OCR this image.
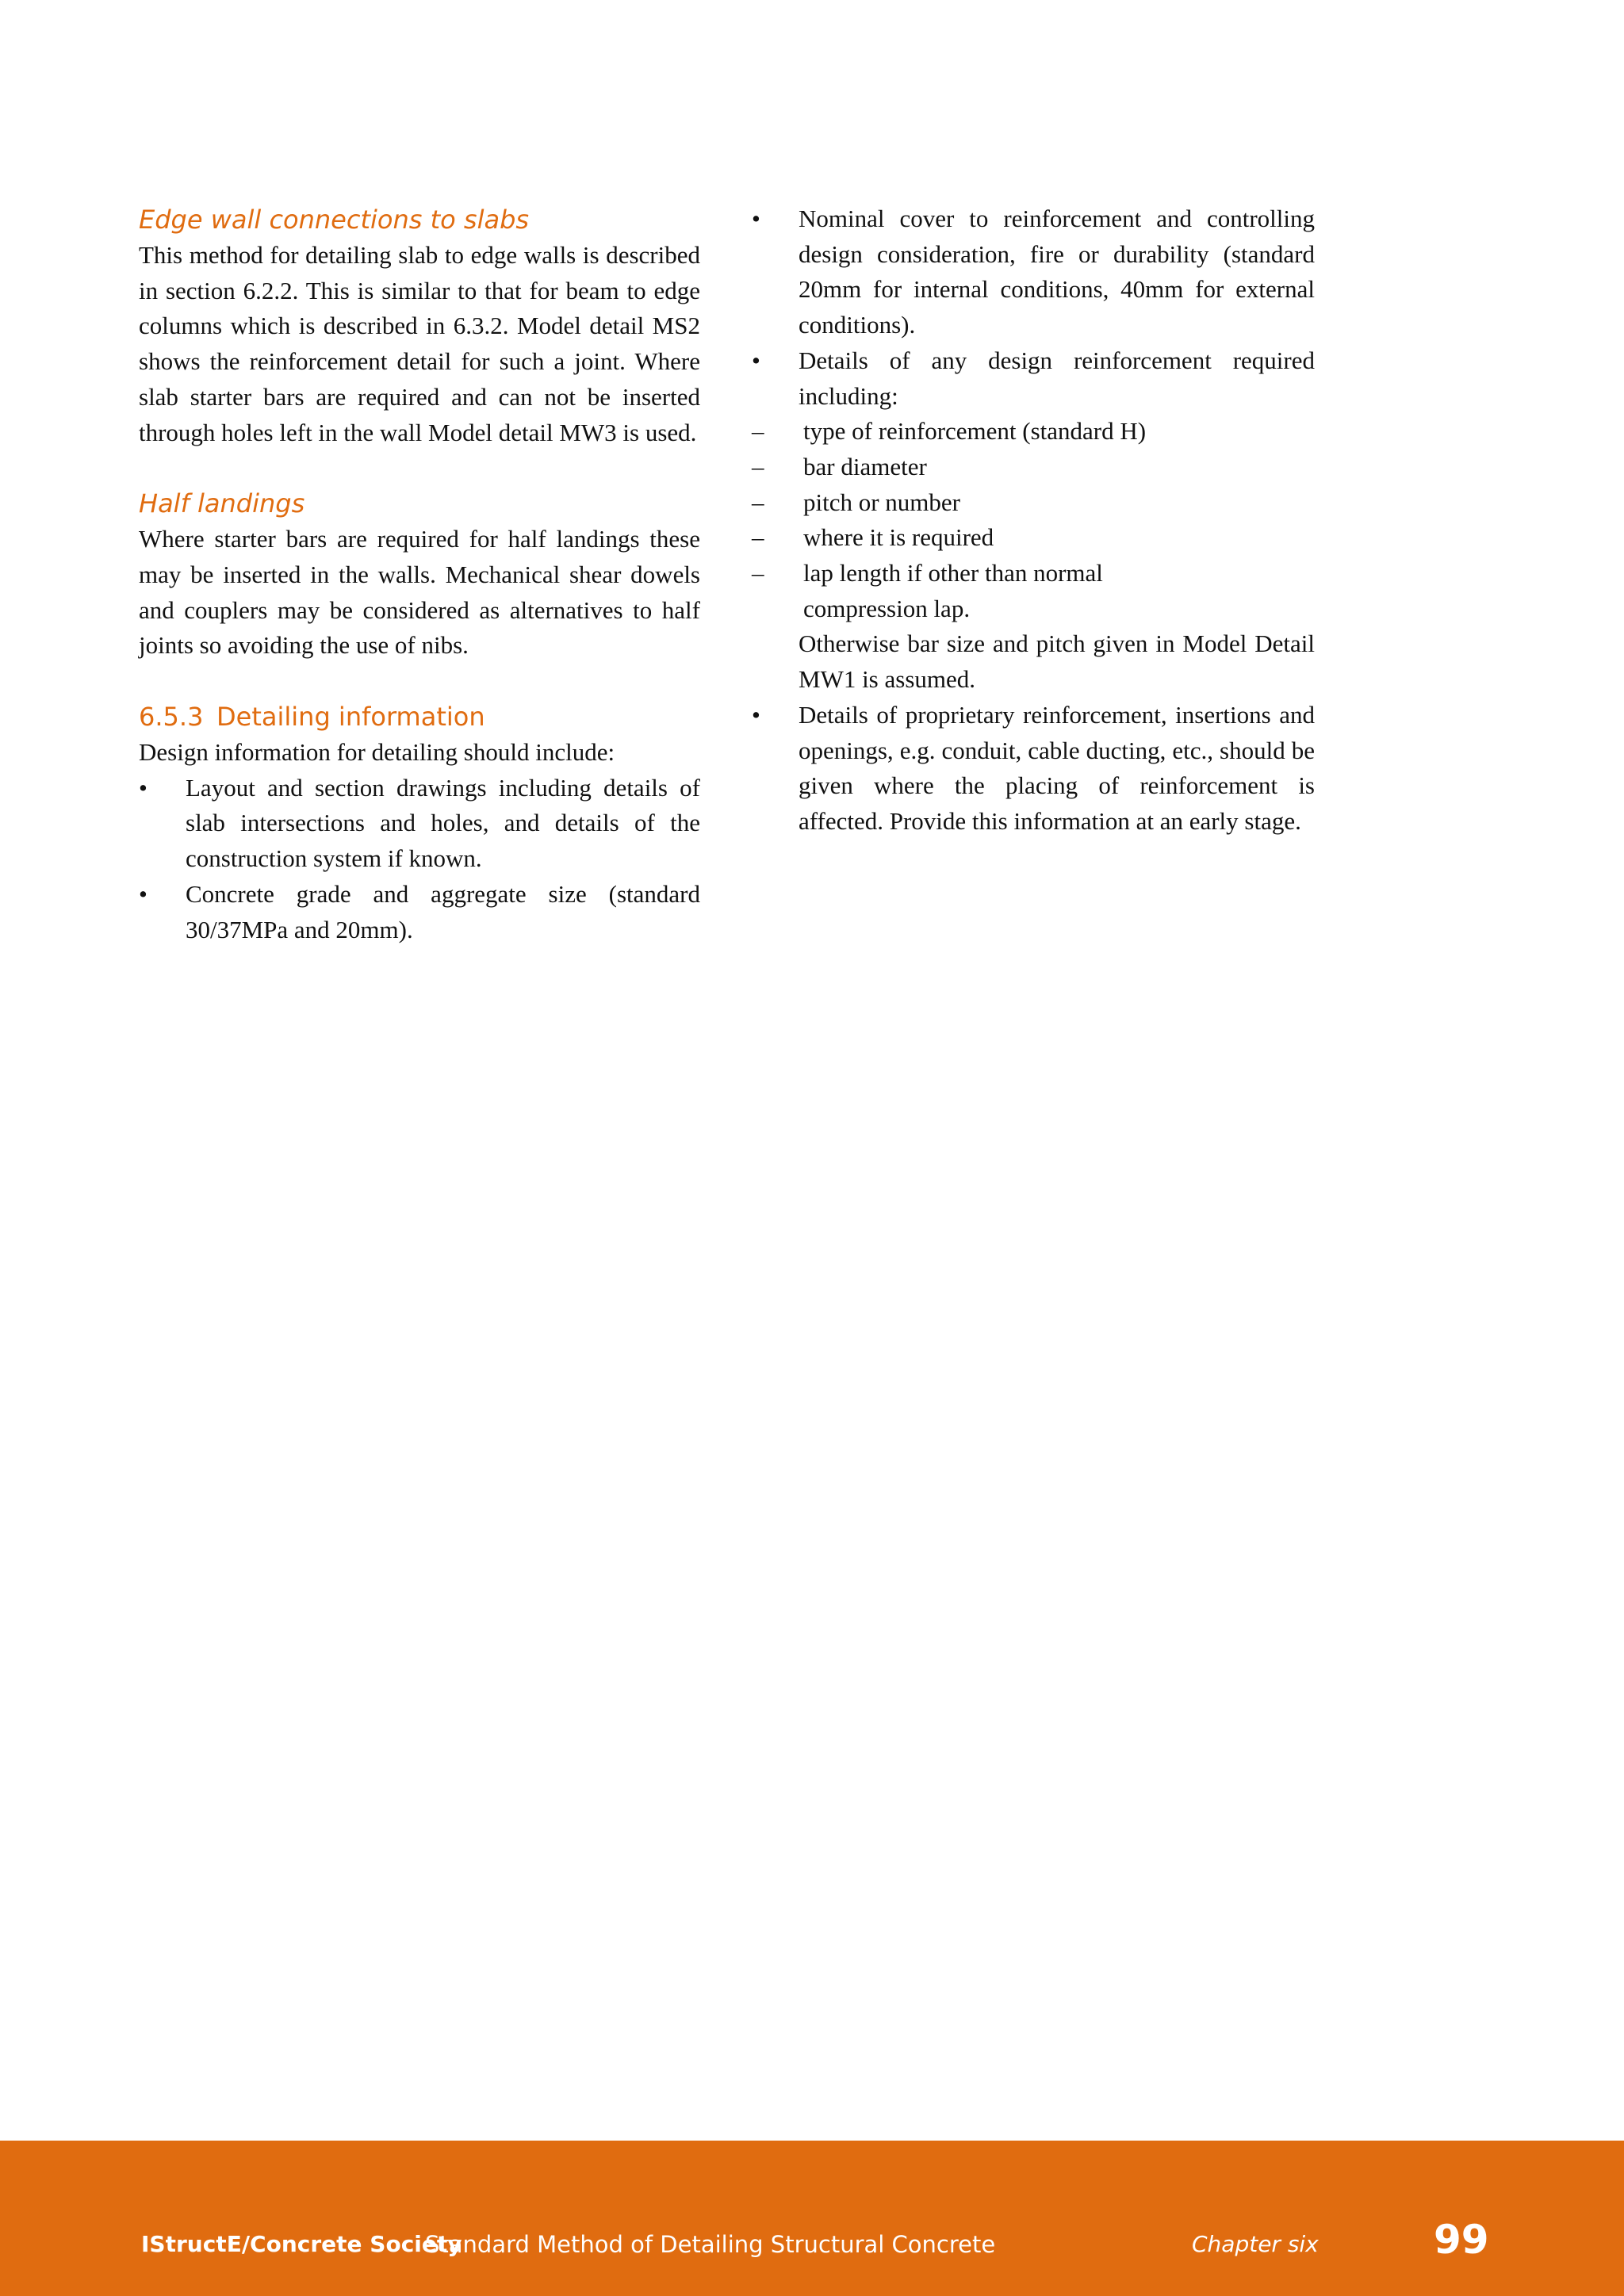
Edge wall connections to slabs

This method for detailing slab to edge walls is described in section 6.2.2. This is similar to that for beam to edge columns which is described in 6.3.2. Model detail MS2 shows the reinforcement detail for such a joint. Where slab starter bars are required and can not be inserted through holes left in the wall Model detail MW3 is used.

Half landings

Where starter bars are required for half landings these may be inserted in the walls. Mechanical shear dowels and couplers may be considered as alternatives to half joints so avoiding the use of nibs.

6.5.3 Detailing information

Design information for detailing should include:

•	Layout and section drawings including details of slab intersections and holes, and details of the construction system if known.
•	Concrete grade and aggregate size (standard 30/37MPa and 20mm).
•	Nominal cover to reinforcement and controlling design consideration, fire or durability (standard 20mm for internal conditions, 40mm for external conditions).
•	Details of any design reinforcement required including:
– type of reinforcement (standard H)
– bar diameter
– pitch or number
– where it is required
– lap length if other than normal compression lap.
Otherwise bar size and pitch given in Model Detail MW1 is assumed.
•	Details of proprietary reinforcement, insertions and openings, e.g. conduit, cable ducting, etc., should be given where the placing of reinforcement is affected. Provide this information at an early stage.
IStructE/Concrete Society
Standard Method of Detailing Structural Concrete	Chapter six	99
